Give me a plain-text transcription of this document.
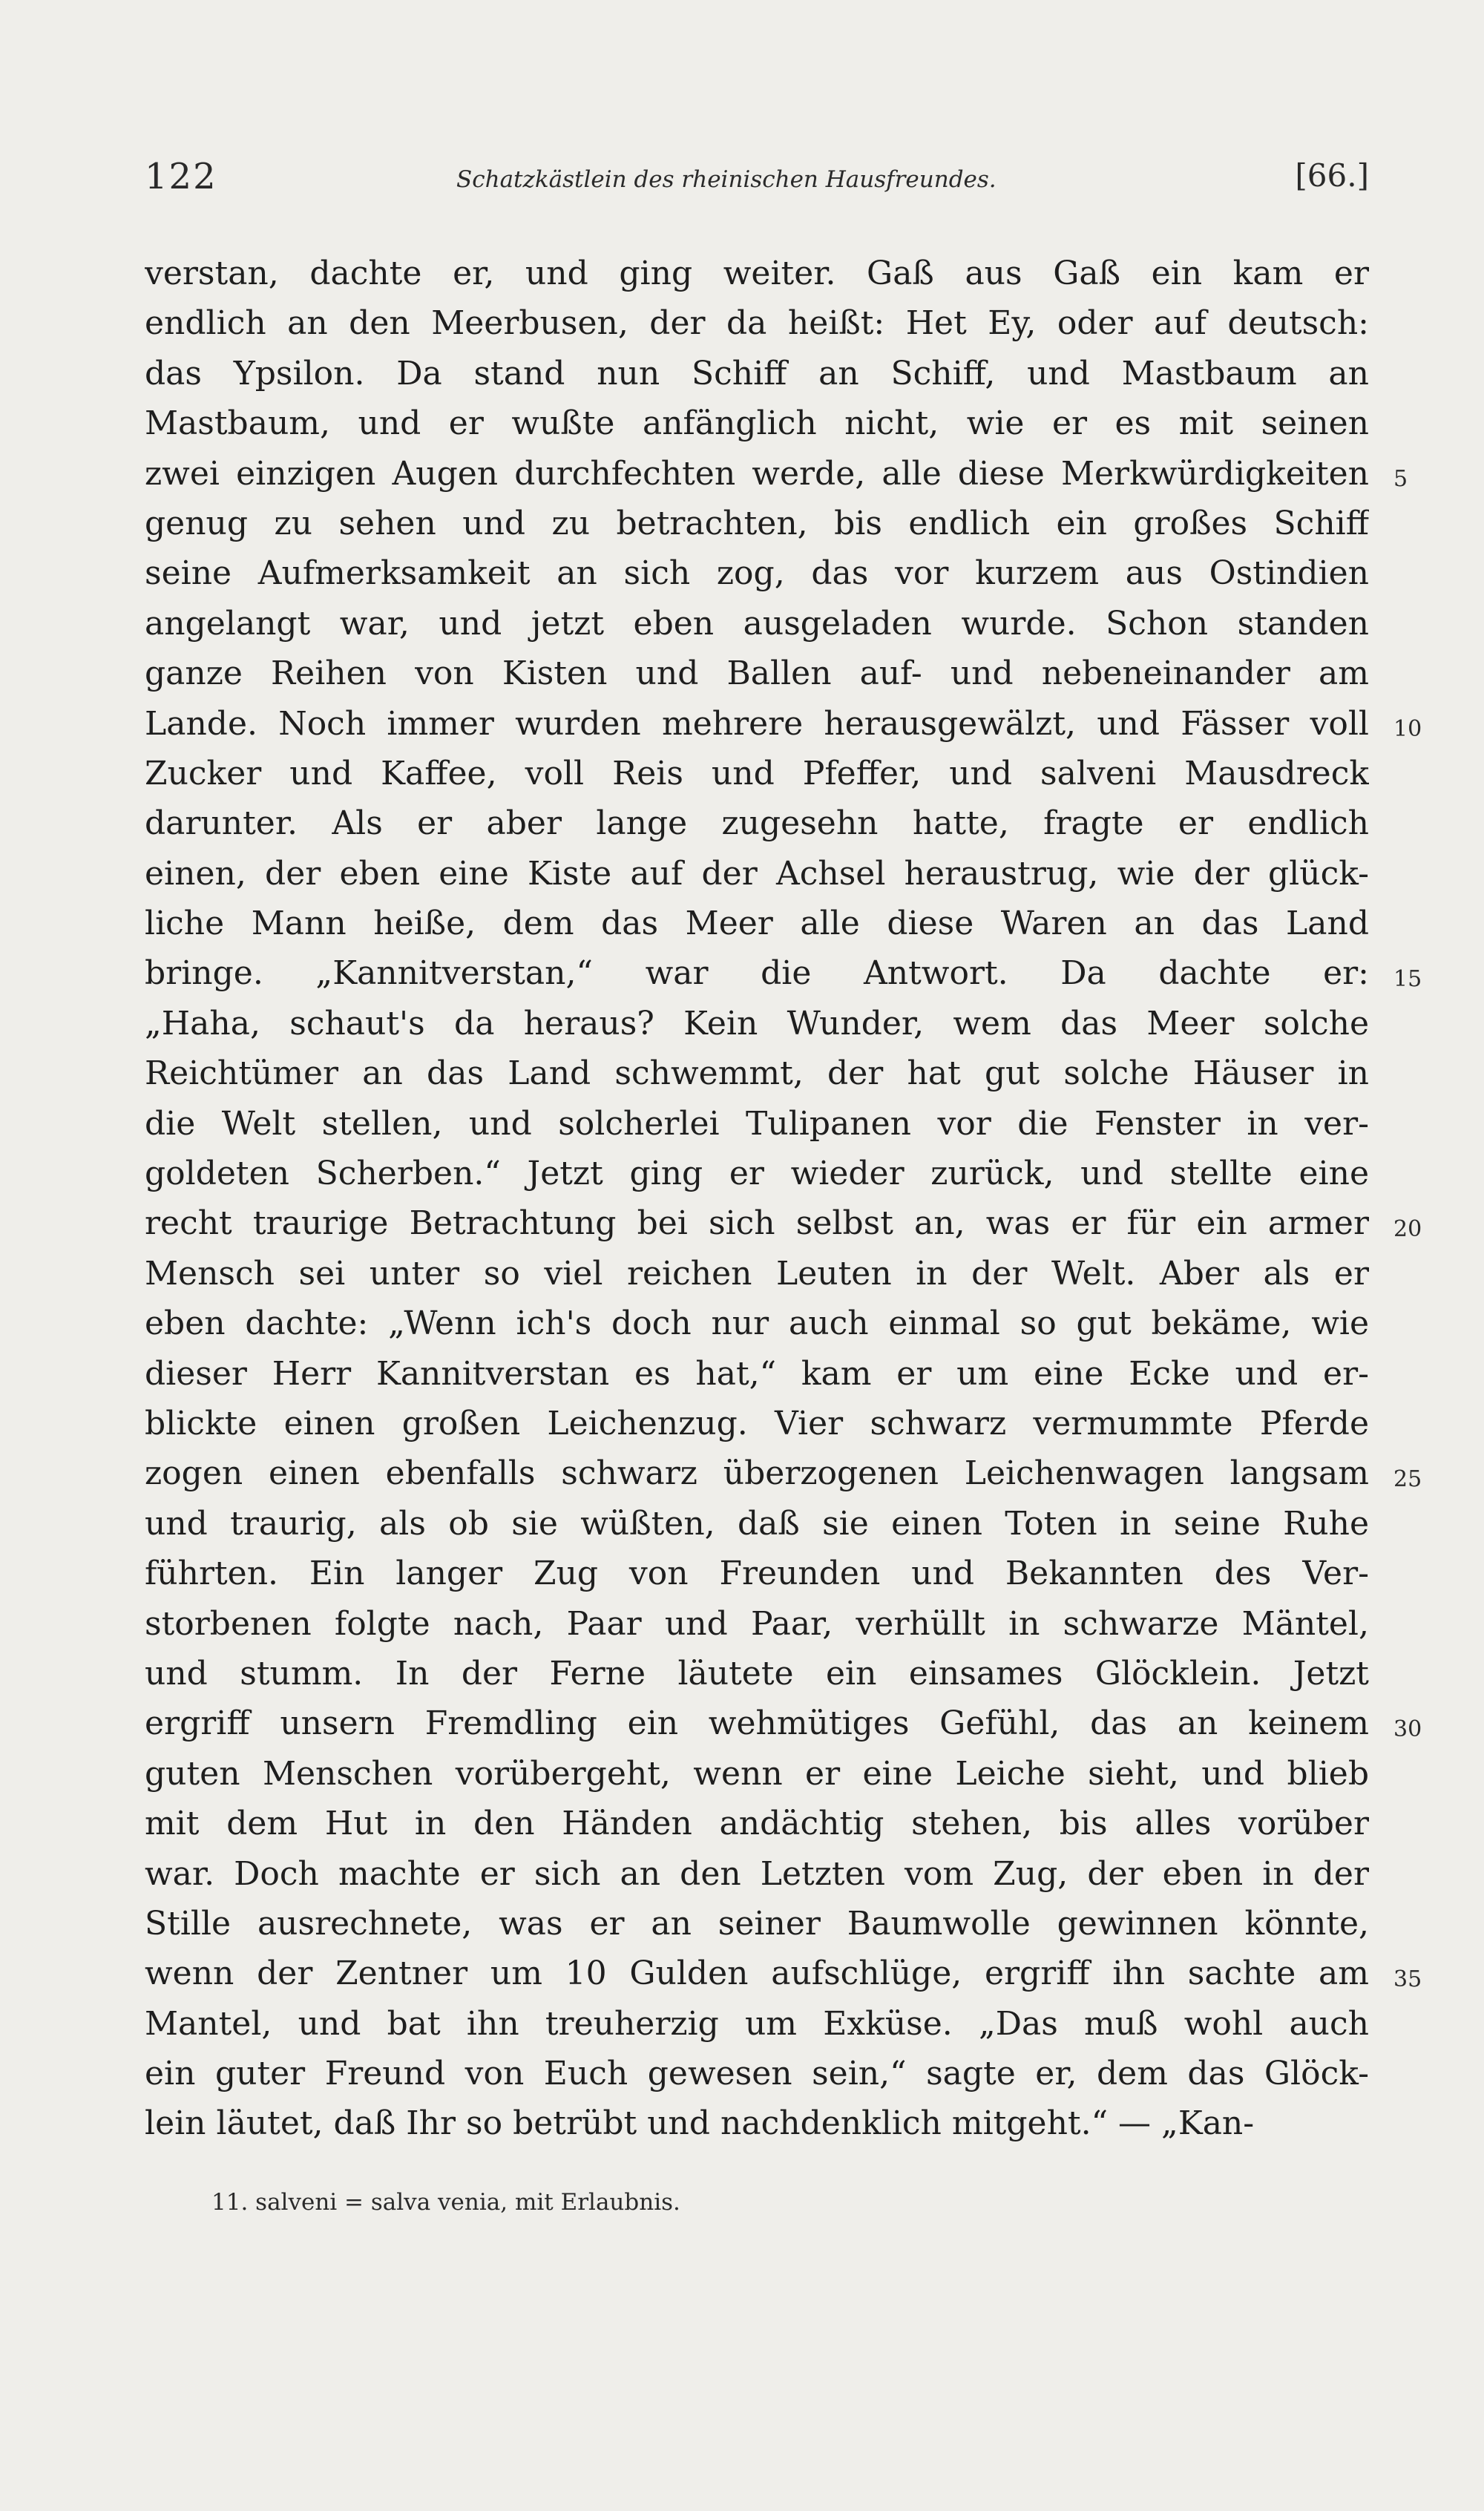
122	Schatzkästlein des rheinischen Hausfreundes.	[66.]
verstan, dachte er, und ging weiter. Gaß aus Gaß ein kam er
endlich an den Meerbusen, der da heißt: Het Ey, oder auf deutsch:
das Ypsilon. Da stand nun Schiff an Schiff, und Mastbaum an
Mastbaum, und er wußte anfänglich nicht, wie er es mit seinen
zwei einzigen Augen durchfechten werde, alle diese Merkwürdigkeiten
genug zu sehen und zu betrachten, bis endlich ein großes Schiff
seine Aufmerksamkeit an sich zog, das vor kurzem aus Ostindien
angelangt war, und jetzt eben ausgeladen wurde. Schon standen
ganze Reihen von Kisten und Ballen auf- und nebeneinander am
Lande. Noch immer wurden mehrere herausgewälzt, und Fässer voll
Zucker und Kaffee, voll Reis und Pfeffer, und salveni Mausdreck
darunter. Als er aber lange zugesehn hatte, fragte er endlich
einen, der eben eine Kiste auf der Achsel heraustrug, wie der glück-
liche Mann heiße, dem das Meer alle diese Waren an das Land
bringe. „Kannitverstan,“ war die Antwort. Da dachte er:
„Haha, schaut's da heraus? Kein Wunder, wem das Meer solche
Reichtümer an das Land schwemmt, der hat gut solche Häuser in
die Welt stellen, und solcherlei Tulipanen vor die Fenster in ver-
goldeten Scherben.“ Jetzt ging er wieder zurück, und stellte eine
recht traurige Betrachtung bei sich selbst an, was er für ein armer
Mensch sei unter so viel reichen Leuten in der Welt. Aber als er
eben dachte: „Wenn ich's doch nur auch einmal so gut bekäme, wie
dieser Herr Kannitverstan es hat,“ kam er um eine Ecke und er-
blickte einen großen Leichenzug. Vier schwarz vermummte Pferde
zogen einen ebenfalls schwarz überzogenen Leichenwagen langsam
und traurig, als ob sie wüßten, daß sie einen Toten in seine Ruhe
führten. Ein langer Zug von Freunden und Bekannten des Ver-
storbenen folgte nach, Paar und Paar, verhüllt in schwarze Mäntel,
und stumm. In der Ferne läutete ein einsames Glöcklein. Jetzt
ergriff unsern Fremdling ein wehmütiges Gefühl, das an keinem
guten Menschen vorübergeht, wenn er eine Leiche sieht, und blieb
mit dem Hut in den Händen andächtig stehen, bis alles vorüber
war. Doch machte er sich an den Letzten vom Zug, der eben in der
Stille ausrechnete, was er an seiner Baumwolle gewinnen könnte,
wenn der Zentner um 10 Gulden aufschlüge, ergriff ihn sachte am
Mantel, und bat ihn treuherzig um Exküse. „Das muß wohl auch
ein guter Freund von Euch gewesen sein,“ sagte er, dem das Glöck-
lein läutet, daß Ihr so betrübt und nachdenklich mitgeht.“ — „Kan-
5
10
15
20
25
30
35
11. salveni = salva venia, mit Erlaubnis.
